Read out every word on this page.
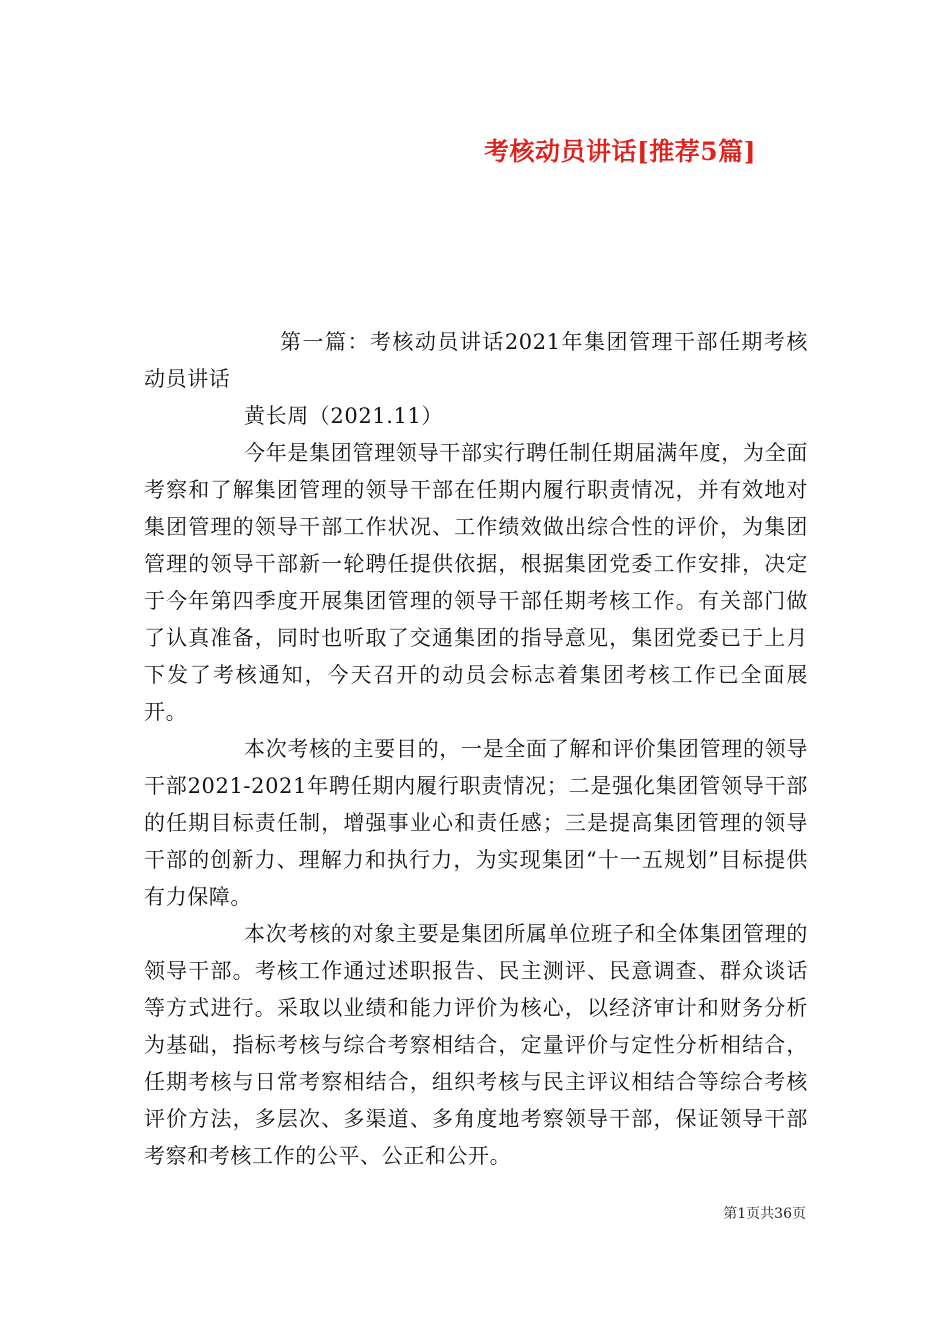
考核动员讲话[推荐5篇]

第一篇：考核动员讲话2021年集团管理干部任期考核动员讲话

黄长周（2021.11）

今年是集团管理领导干部实行聘任制任期届满年度，为全面考察和了解集团管理的领导干部在任期内履行职责情况，并有效地对集团管理的领导干部工作状况、工作绩效做出综合性的评价，为集团管理的领导干部新一轮聘任提供依据，根据集团党委工作安排，决定于今年第四季度开展集团管理的领导干部任期考核工作。有关部门做了认真准备，同时也听取了交通集团的指导意见，集团党委已于上月下发了考核通知，今天召开的动员会标志着集团考核工作已全面展开。

本次考核的主要目的，一是全面了解和评价集团管理的领导干部2021-2021年聘任期内履行职责情况；二是强化集团管领导干部的任期目标责任制，增强事业心和责任感；三是提高集团管理的领导干部的创新力、理解力和执行力，为实现集团“十一五规划”目标提供有力保障。

本次考核的对象主要是集团所属单位班子和全体集团管理的领导干部。考核工作通过述职报告、民主测评、民意调查、群众谈话等方式进行。采取以业绩和能力评价为核心，以经济审计和财务分析为基础，指标考核与综合考察相结合，定量评价与定性分析相结合，任期考核与日常考察相结合，组织考核与民主评议相结合等综合考核评价方法，多层次、多渠道、多角度地考察领导干部，保证领导干部考察和考核工作的公平、公正和公开。

第1页共36页
